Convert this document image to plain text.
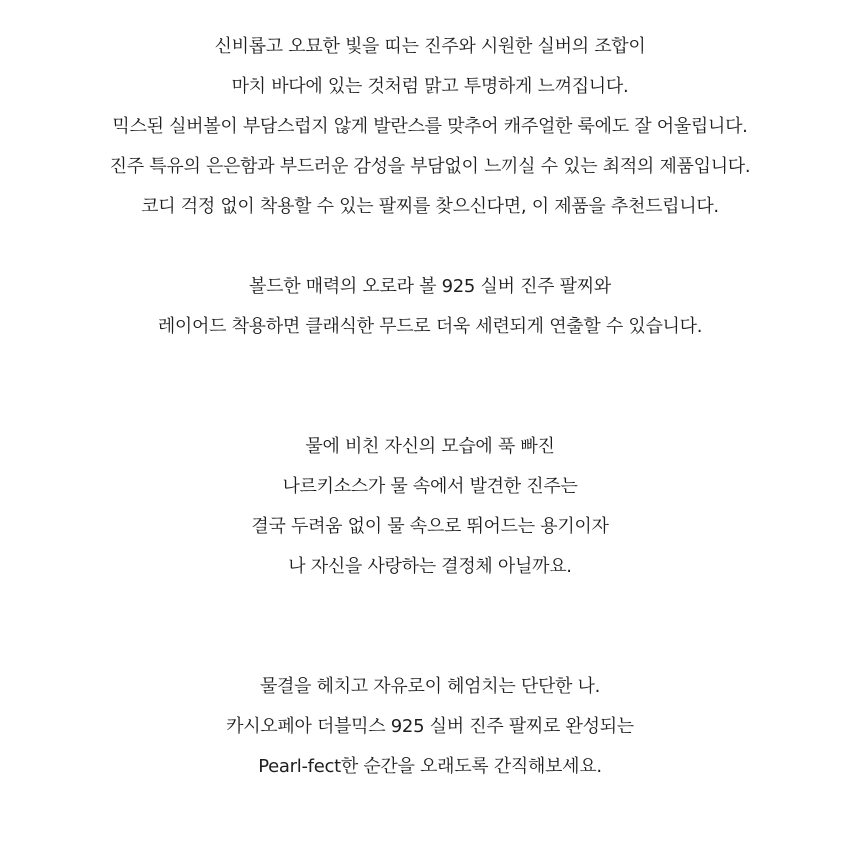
신비롭고 오묘한 빛을 띠는 진주와 시원한 실버의 조합이
마치 바다에 있는 것처럼 맑고 투명하게 느껴집니다.
믹스된 실버볼이 부담스럽지 않게 발란스를 맞추어 캐주얼한 룩에도 잘 어울립니다.
진주 특유의 은은함과 부드러운 감성을 부담없이 느끼실 수 있는 최적의 제품입니다.
코디 걱정 없이 착용할 수 있는 팔찌를 찾으신다면, 이 제품을 추천드립니다.
볼드한 매력의 오로라 볼 925 실버 진주 팔찌와
레이어드 착용하면 클래식한 무드로 더욱 세련되게 연출할 수 있습니다.
물에 비친 자신의 모습에 푹 빠진
나르키소스가 물 속에서 발견한 진주는
결국 두려움 없이 물 속으로 뛰어드는 용기이자
나 자신을 사랑하는 결정체 아닐까요.
물결을 헤치고 자유로이 헤엄치는 단단한 나.
카시오페아 더블믹스 925 실버 진주 팔찌로 완성되는
Pearl-fect한 순간을 오래도록 간직해보세요.
